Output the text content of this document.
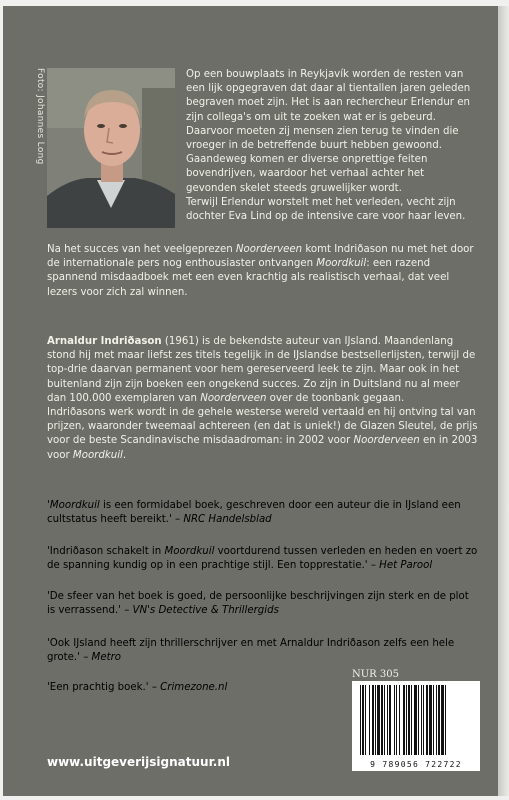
Foto: Johannes Long	Op een bouwplaats in Reykjavík worden de resten van een lijk opgegraven dat daar al tientallen jaren geleden begraven moet zijn. Het is aan rechercheur Erlendur en zijn collega's om uit te zoeken wat er is gebeurd. Daarvoor moeten zij mensen zien terug te vinden die vroeger in de betreffende buurt hebben gewoond. Gaandeweg komen er diverse onprettige feiten bovendrijven, waardoor het verhaal achter het gevonden skelet steeds gruwelijker wordt.

Terwijl Erlendur worstelt met het verleden, vecht zijn dochter Eva Lind op de intensive care voor haar leven.

Na het succes van het veelgeprezen Noorderveen komt Indriðason nu met het door de internationale pers nog enthousiaster ontvangen Moordkuil: een razend spannend misdaadboek met een even krachtig als realistisch verhaal, dat veel lezers voor zich zal winnen.
Arnaldur Indriðason (1961) is de bekendste auteur van IJsland. Maandenlang stond hij met maar liefst zes titels tegelijk in de IJslandse bestsellerlijsten, terwijl de top-drie daarvan permanent voor hem gereserveerd leek te zijn. Maar ook in het buitenland zijn zijn boeken een ongekend succes. Zo zijn in Duitsland nu al meer dan 100.000 exemplaren van Noorderveen over de toonbank gegaan.
Indriðasons werk wordt in de gehele westerse wereld vertaald en hij ontving tal van prijzen, waaronder tweemaal achtereen (en dat is uniek!) de Glazen Sleutel, de prijs voor de beste Scandinavische misdaadroman: in 2002 voor Noorderveen en in 2003 voor Moordkuil.
'Moordkuil is een formidabel boek, geschreven door een auteur die in IJsland een cultstatus heeft bereikt.' – NRC Handelsblad
'Indriðason schakelt in Moordkuil voortdurend tussen verleden en heden en voert zo de spanning kundig op in een prachtige stijl. Een topprestatie.' – Het Parool
'De sfeer van het boek is goed, de persoonlijke beschrijvingen zijn sterk en de plot is verrassend.' – VN's Detective & Thrillergids
'Ook IJsland heeft zijn thrillerschrijver en met Arnaldur Indriðason zelfs een hele grote.' – Metro
'Een prachtig boek.' – Crimezone.nl
www.uitgeverijsignatuur.nl
NUR 305
9 789056 722722
